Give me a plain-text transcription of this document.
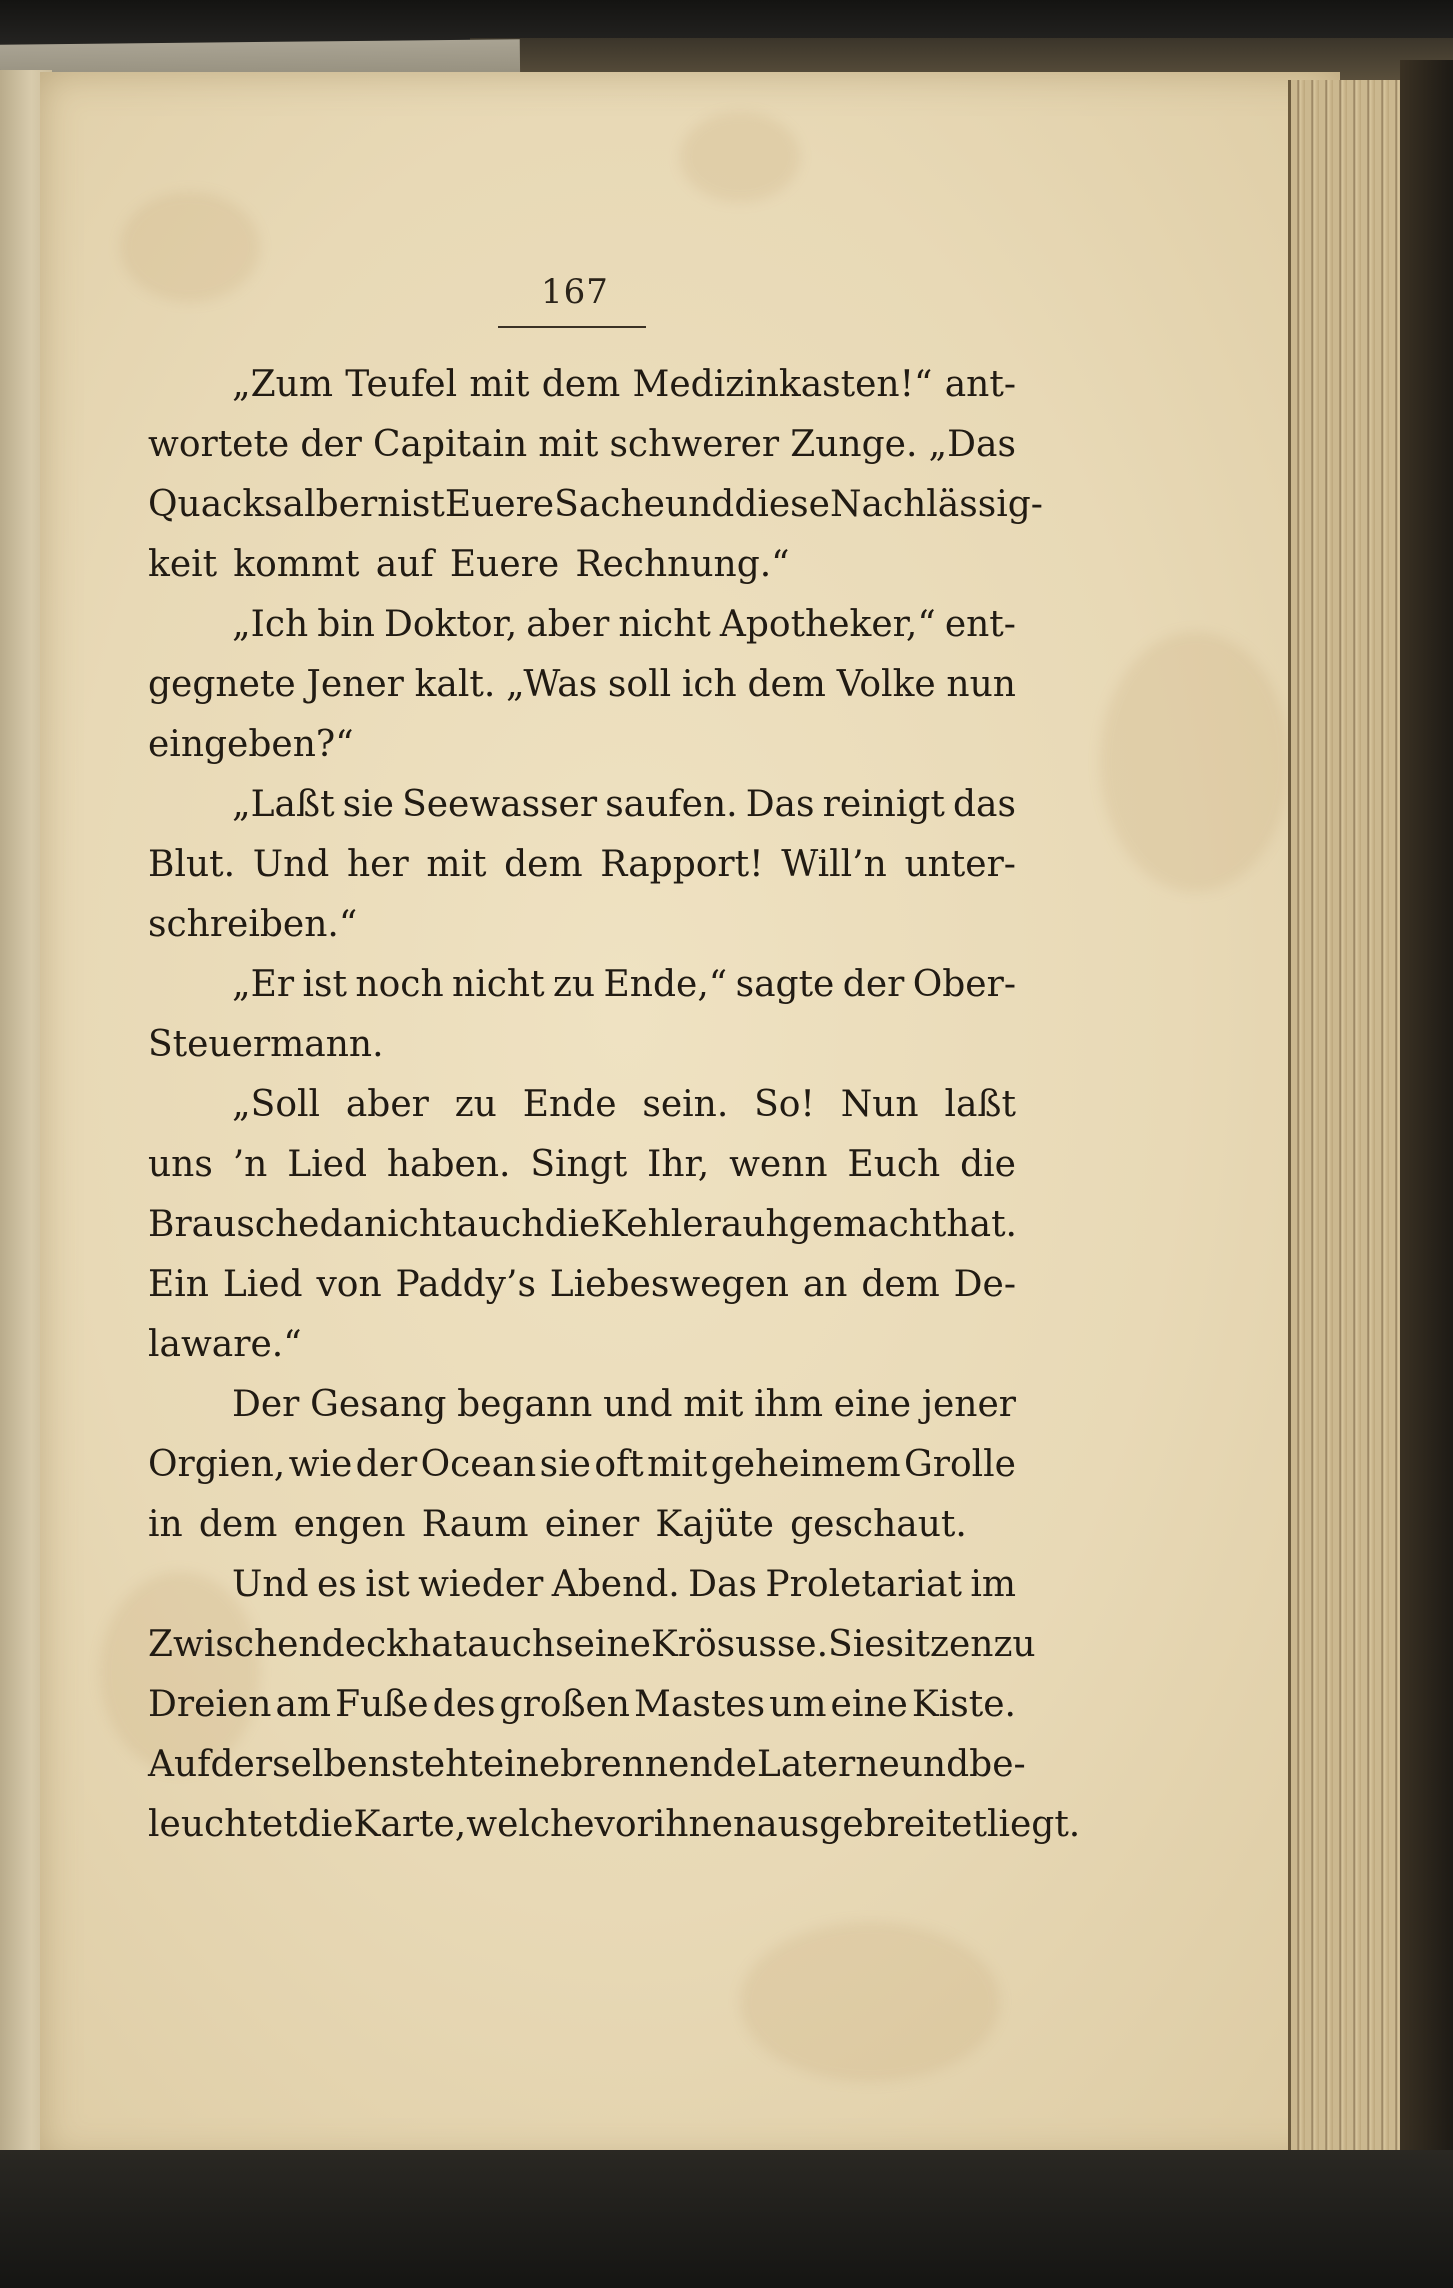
167
„Zum Teufel mit dem Medizinkasten!“ ant-
wortete der Capitain mit schwerer Zunge. „Das
Quacksalbern ist Euere Sache und diese Nachlässig-
keit kommt auf Euere Rechnung.“
„Ich bin Doktor, aber nicht Apotheker,“ ent-
gegnete Jener kalt. „Was soll ich dem Volke nun
eingeben?“
„Laßt sie Seewasser saufen. Das reinigt das
Blut. Und her mit dem Rapport! Will’n unter-
schreiben.“
„Er ist noch nicht zu Ende,“ sagte der Ober-
Steuermann.
„Soll aber zu Ende sein. So! Nun laßt
uns ’n Lied haben. Singt Ihr, wenn Euch die
Brausche da nicht auch die Kehle rauh gemacht hat.
Ein Lied von Paddy’s Liebeswegen an dem De-
laware.“
Der Gesang begann und mit ihm eine jener
Orgien, wie der Ocean sie oft mit geheimem Grolle
in dem engen Raum einer Kajüte geschaut.
Und es ist wieder Abend. Das Proletariat im
Zwischendeck hat auch seine Krösusse. Sie sitzen zu
Dreien am Fuße des großen Mastes um eine Kiste.
Auf derselben steht eine brennende Laterne und be-
leuchtet die Karte, welche vor ihnen ausgebreitet liegt.
